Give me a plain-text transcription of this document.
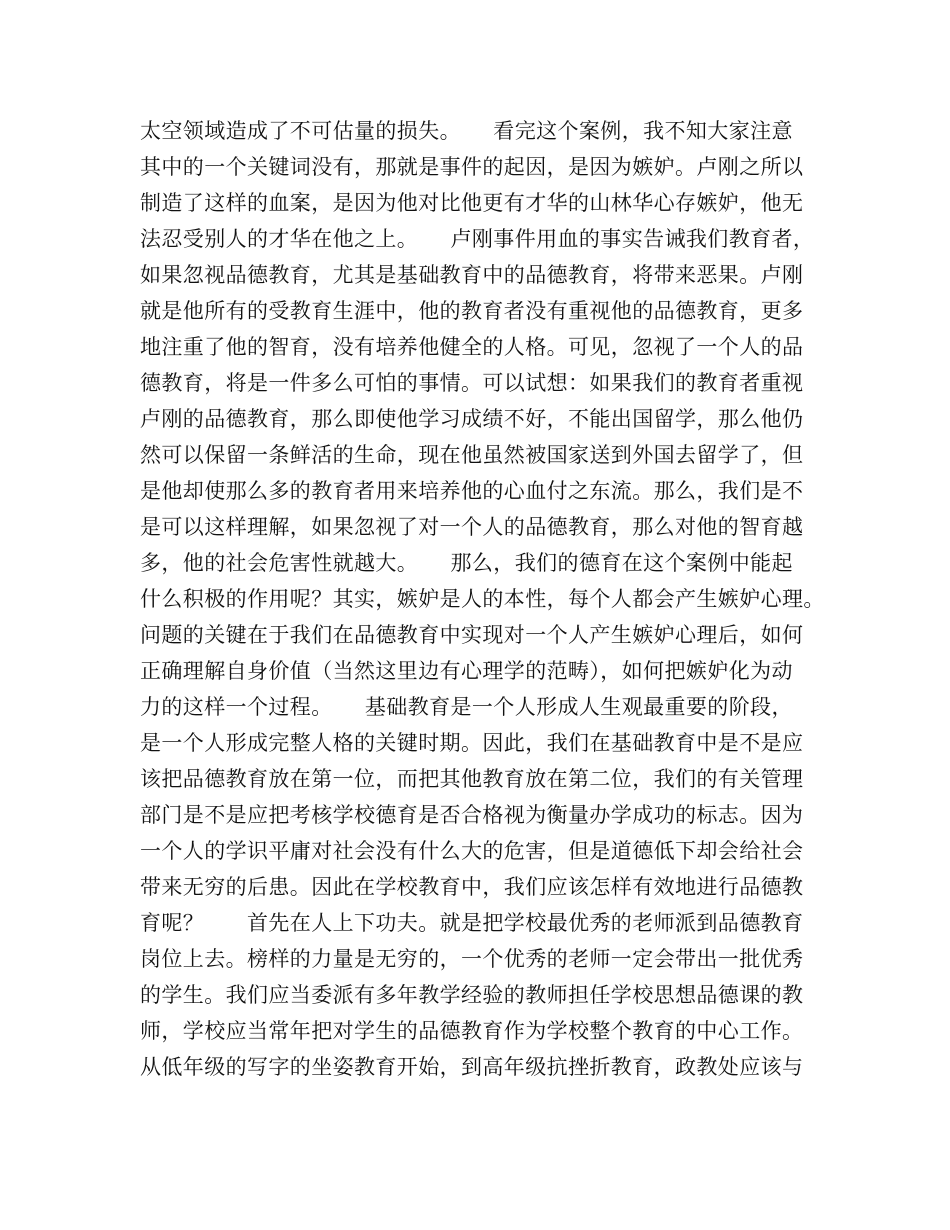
太空领域造成了不可估量的损失。　　看完这个案例，我不知大家注意
其中的一个关键词没有，那就是事件的起因，是因为嫉妒。卢刚之所以
制造了这样的血案，是因为他对比他更有才华的山林华心存嫉妒，他无
法忍受别人的才华在他之上。　　卢刚事件用血的事实告诫我们教育者，
如果忽视品德教育，尤其是基础教育中的品德教育，将带来恶果。卢刚
就是他所有的受教育生涯中，他的教育者没有重视他的品德教育，更多
地注重了他的智育，没有培养他健全的人格。可见，忽视了一个人的品
德教育，将是一件多么可怕的事情。可以试想：如果我们的教育者重视
卢刚的品德教育，那么即使他学习成绩不好，不能出国留学，那么他仍
然可以保留一条鲜活的生命，现在他虽然被国家送到外国去留学了，但
是他却使那么多的教育者用来培养他的心血付之东流。那么，我们是不
是可以这样理解，如果忽视了对一个人的品德教育，那么对他的智育越
多，他的社会危害性就越大。　　那么，我们的德育在这个案例中能起
什么积极的作用呢？其实，嫉妒是人的本性，每个人都会产生嫉妒心理。
问题的关键在于我们在品德教育中实现对一个人产生嫉妒心理后，如何
正确理解自身价值（当然这里边有心理学的范畴），如何把嫉妒化为动
力的这样一个过程。　　基础教育是一个人形成人生观最重要的阶段，
是一个人形成完整人格的关键时期。因此，我们在基础教育中是不是应
该把品德教育放在第一位，而把其他教育放在第二位，我们的有关管理
部门是不是应把考核学校德育是否合格视为衡量办学成功的标志。因为
一个人的学识平庸对社会没有什么大的危害，但是道德低下却会给社会
带来无穷的后患。因此在学校教育中，我们应该怎样有效地进行品德教
育呢？　　首先在人上下功夫。就是把学校最优秀的老师派到品德教育
岗位上去。榜样的力量是无穷的，一个优秀的老师一定会带出一批优秀
的学生。我们应当委派有多年教学经验的教师担任学校思想品德课的教
师，学校应当常年把对学生的品德教育作为学校整个教育的中心工作。
从低年级的写字的坐姿教育开始，到高年级抗挫折教育，政教处应该与
